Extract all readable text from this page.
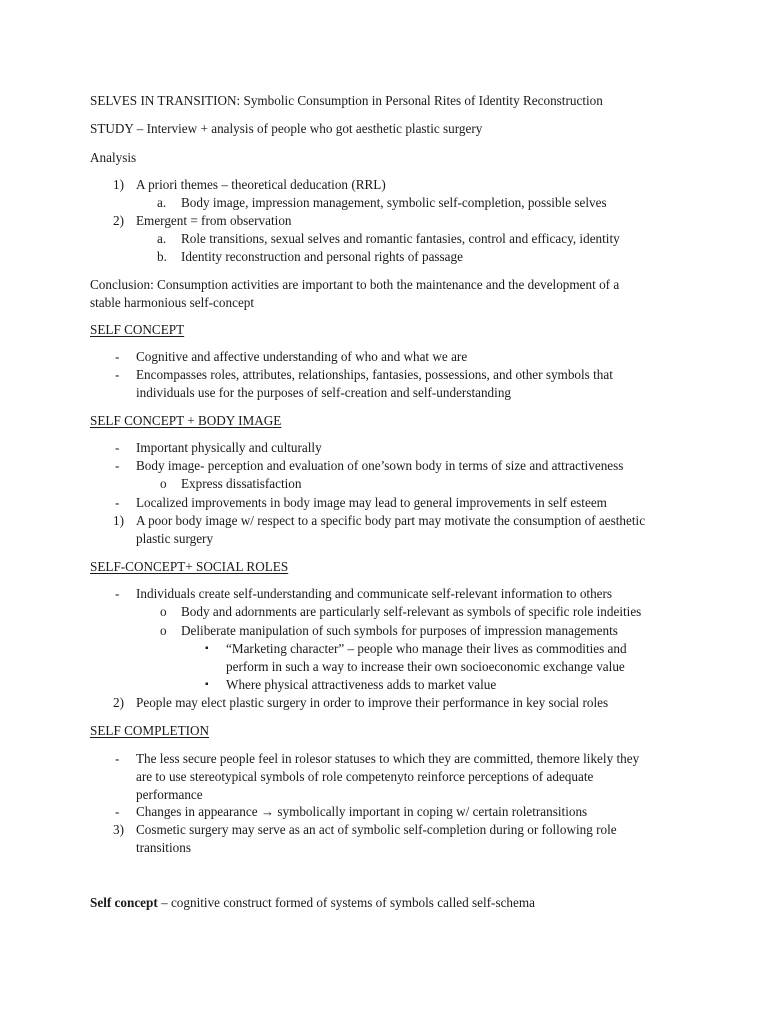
SELVES IN TRANSITION: Symbolic Consumption in Personal Rites of Identity Reconstruction
STUDY – Interview + analysis of people who got aesthetic plastic surgery
Analysis
1) A priori themes – theoretical deducation (RRL)
a. Body image, impression management, symbolic self-completion, possible selves
2) Emergent = from observation
a. Role transitions, sexual selves and romantic fantasies, control and efficacy, identity
b. Identity reconstruction and personal rights of passage
Conclusion: Consumption activities are important to both the maintenance and the development of a
stable harmonious self-concept
SELF CONCEPT
- Cognitive and affective understanding of who and what we are
- Encompasses roles, attributes, relationships, fantasies, possessions, and other symbols that
individuals use for the purposes of self-creation and self-understanding
SELF CONCEPT + BODY IMAGE
- Important physically and culturally
- Body image- perception and evaluation of one’sown body in terms of size and attractiveness
o Express dissatisfaction
- Localized improvements in body image may lead to general improvements in self esteem
1) A poor body image w/ respect to a specific body part may motivate the consumption of aesthetic
plastic surgery
SELF-CONCEPT+ SOCIAL ROLES
- Individuals create self-understanding and communicate self-relevant information to others
o Body and adornments are particularly self-relevant as symbols of specific role indeities
o Deliberate manipulation of such symbols for purposes of impression managements
▪ “Marketing character” – people who manage their lives as commodities and
perform in such a way to increase their own socioeconomic exchange value
▪ Where physical attractiveness adds to market value
2) People may elect plastic surgery in order to improve their performance in key social roles
SELF COMPLETION
- The less secure people feel in rolesor statuses to which they are committed, themore likely they
are to use stereotypical symbols of role competenyto reinforce perceptions of adequate
performance
- Changes in appearance → symbolically important in coping w/ certain roletransitions
3) Cosmetic surgery may serve as an act of symbolic self-completion during or following role
transitions
Self concept – cognitive construct formed of systems of symbols called self-schema
